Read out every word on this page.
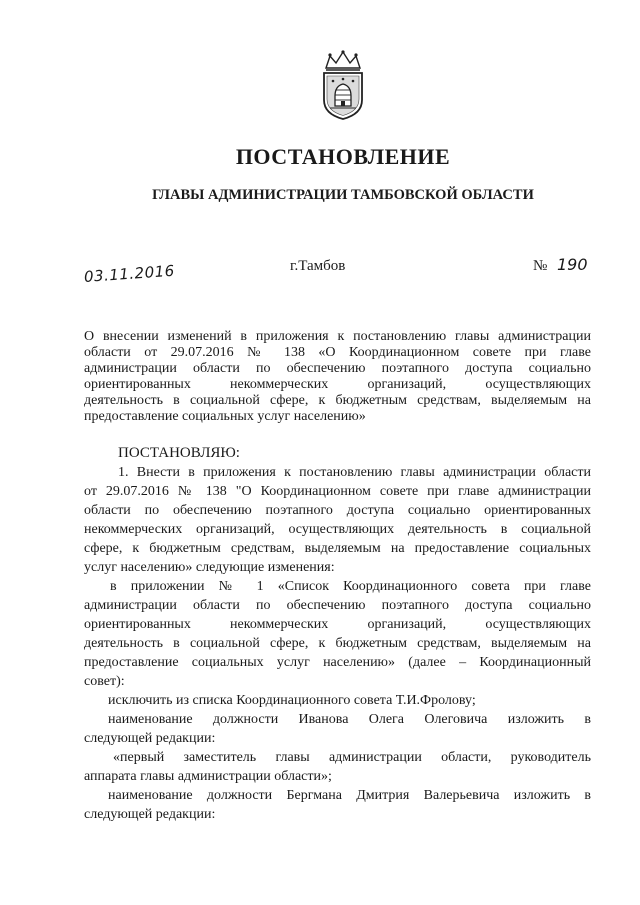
ПОСТАНОВЛЕНИЕ
ГЛАВЫ АДМИНИСТРАЦИИ ТАМБОВСКОЙ ОБЛАСТИ
03.11.2016	г.Тамбов	№ 190
О внесении изменений в приложения к постановлению главы администрации
области от 29.07.2016 № 138 «О Координационном совете при главе
администрации области по обеспечению поэтапного доступа социально
ориентированных некоммерческих организаций, осуществляющих
деятельность в социальной сфере, к бюджетным средствам, выделяемым на
предоставление социальных услуг населению»
ПОСТАНОВЛЯЮ:
1. Внести в приложения к постановлению главы администрации области
от 29.07.2016 № 138 "О Координационном совете при главе администрации
области по обеспечению поэтапного доступа социально ориентированных
некоммерческих организаций, осуществляющих деятельность в социальной
сфере, к бюджетным средствам, выделяемым на предоставление социальных
услуг населению» следующие изменения:
в приложении № 1 «Список Координационного совета при главе
администрации области по обеспечению поэтапного доступа социально
ориентированных некоммерческих организаций, осуществляющих
деятельность в социальной сфере, к бюджетным средствам, выделяемым на
предоставление социальных услуг населению» (далее – Координационный
совет):
исключить из списка Координационного совета Т.И.Фролову;
наименование должности Иванова Олега Олеговича изложить в
следующей редакции:
«первый заместитель главы администрации области, руководитель
аппарата главы администрации области»;
наименование должности Бергмана Дмитрия Валерьевича изложить в
следующей редакции:
